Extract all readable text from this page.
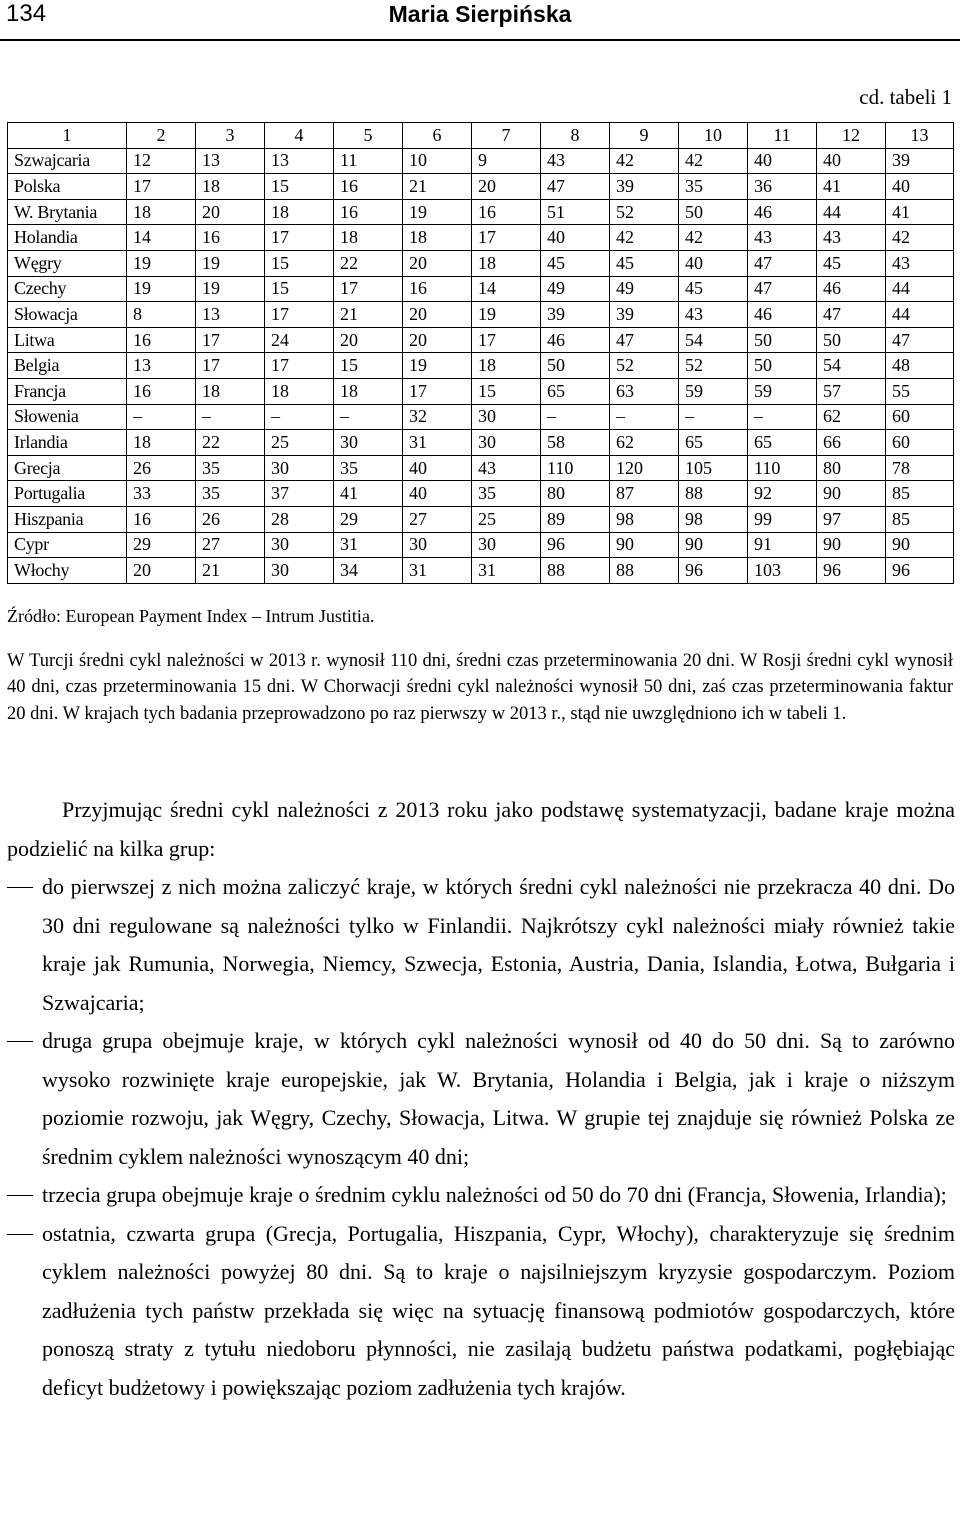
134	Maria Sierpińska
cd. tabeli 1
1	2	3	4	5	6	7	8	9	10	11	12	13
Szwajcaria	12	13	13	11	10	9	43	42	42	40	40	39
Polska	17	18	15	16	21	20	47	39	35	36	41	40
W. Brytania	18	20	18	16	19	16	51	52	50	46	44	41
Holandia	14	16	17	18	18	17	40	42	42	43	43	42
Węgry	19	19	15	22	20	18	45	45	40	47	45	43
Czechy	19	19	15	17	16	14	49	49	45	47	46	44
Słowacja	8	13	17	21	20	19	39	39	43	46	47	44
Litwa	16	17	24	20	20	17	46	47	54	50	50	47
Belgia	13	17	17	15	19	18	50	52	52	50	54	48
Francja	16	18	18	18	17	15	65	63	59	59	57	55
Słowenia	–	–	–	–	32	30	–	–	–	–	62	60
Irlandia	18	22	25	30	31	30	58	62	65	65	66	60
Grecja	26	35	30	35	40	43	110	120	105	110	80	78
Portugalia	33	35	37	41	40	35	80	87	88	92	90	85
Hiszpania	16	26	28	29	27	25	89	98	98	99	97	85
Cypr	29	27	30	31	30	30	96	90	90	91	90	90
Włochy	20	21	30	34	31	31	88	88	96	103	96	96
Źródło: European Payment Index – Intrum Justitia.

W Turcji średni cykl należności w 2013 r. wynosił 110 dni, średni czas przeterminowania 20 dni. W Rosji średni cykl wynosił 40 dni, czas przeterminowania 15 dni. W Chorwacji średni cykl należności wynosił 50 dni, zaś czas przeterminowania faktur 20 dni. W krajach tych badania przeprowadzono po raz pierwszy w 2013 r., stąd nie uwzględniono ich w tabeli 1.

Przyjmując średni cykl należności z 2013 roku jako podstawę systematyzacji, badane kraje można podzielić na kilka grup:

do pierwszej z nich można zaliczyć kraje, w których średni cykl należności nie przekracza 40 dni. Do 30 dni regulowane są należności tylko w Finlandii. Najkrótszy cykl należności miały również takie kraje jak Rumunia, Norwegia, Niemcy, Szwecja, Estonia, Austria, Dania, Islandia, Łotwa, Bułgaria i Szwajcaria;
druga grupa obejmuje kraje, w których cykl należności wynosił od 40 do 50 dni. Są to zarówno wysoko rozwinięte kraje europejskie, jak W. Brytania, Holandia i Belgia, jak i kraje o niższym poziomie rozwoju, jak Węgry, Czechy, Słowacja, Litwa. W grupie tej znajduje się również Polska ze średnim cyklem należności wynoszącym 40 dni;
trzecia grupa obejmuje kraje o średnim cyklu należności od 50 do 70 dni (Francja, Słowenia, Irlandia);
ostatnia, czwarta grupa (Grecja, Portugalia, Hiszpania, Cypr, Włochy), charakteryzuje się średnim cyklem należności powyżej 80 dni. Są to kraje o najsilniejszym kryzysie gospodarczym. Poziom zadłużenia tych państw przekłada się więc na sytuację finansową podmiotów gospodarczych, które ponoszą straty z tytułu niedoboru płynności, nie zasilają budżetu państwa podatkami, pogłębiając deficyt budżetowy i powiększając poziom zadłużenia tych krajów.
